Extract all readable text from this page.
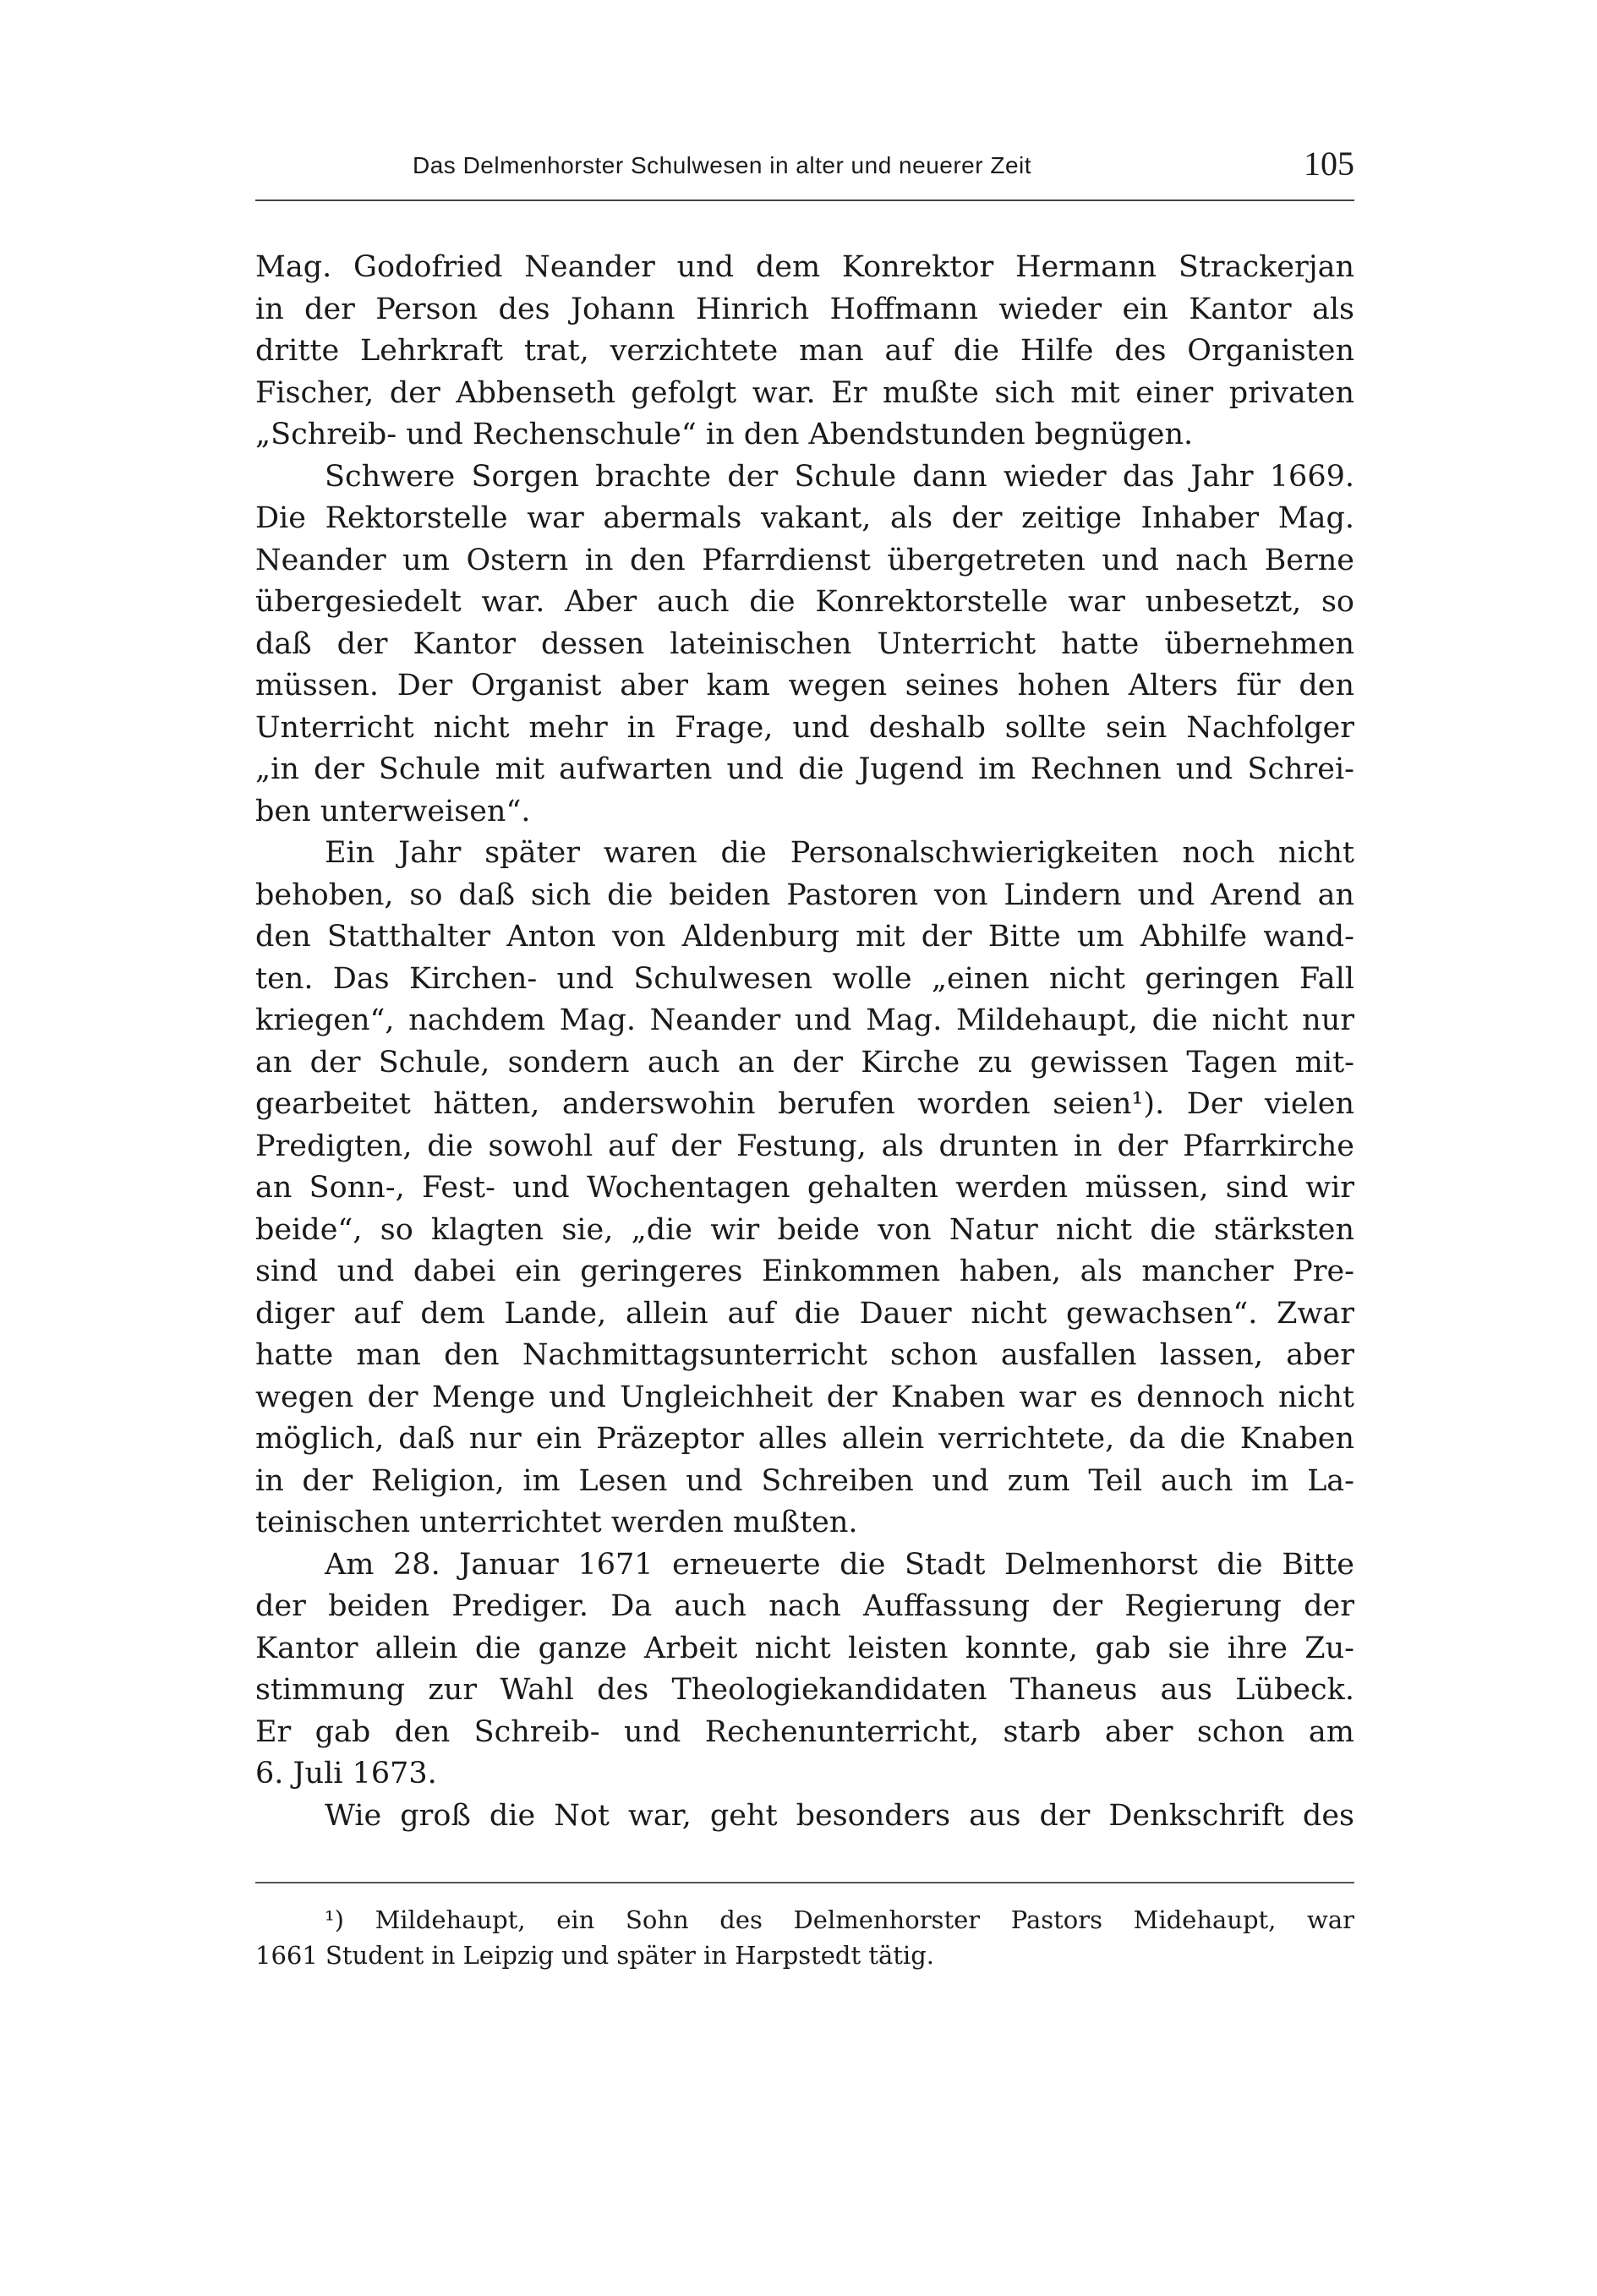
Das Delmenhorster Schulwesen in alter und neuerer Zeit	105
Mag. Godofried Neander und dem Konrektor Hermann Strackerjan
in der Person des Johann Hinrich Hoffmann wieder ein Kantor als
dritte Lehrkraft trat, verzichtete man auf die Hilfe des Organisten
Fischer, der Abbenseth gefolgt war. Er mußte sich mit einer privaten
„Schreib- und Rechenschule“ in den Abendstunden begnügen.
Schwere Sorgen brachte der Schule dann wieder das Jahr 1669.
Die Rektorstelle war abermals vakant, als der zeitige Inhaber Mag.
Neander um Ostern in den Pfarrdienst übergetreten und nach Berne
übergesiedelt war. Aber auch die Konrektorstelle war unbesetzt, so
daß der Kantor dessen lateinischen Unterricht hatte übernehmen
müssen. Der Organist aber kam wegen seines hohen Alters für den
Unterricht nicht mehr in Frage, und deshalb sollte sein Nachfolger
„in der Schule mit aufwarten und die Jugend im Rechnen und Schrei-
ben unterweisen“.
Ein Jahr später waren die Personalschwierigkeiten noch nicht
behoben, so daß sich die beiden Pastoren von Lindern und Arend an
den Statthalter Anton von Aldenburg mit der Bitte um Abhilfe wand-
ten. Das Kirchen- und Schulwesen wolle „einen nicht geringen Fall
kriegen“, nachdem Mag. Neander und Mag. Mildehaupt, die nicht nur
an der Schule, sondern auch an der Kirche zu gewissen Tagen mit-
gearbeitet hätten, anderswohin berufen worden seien¹). Der vielen
Predigten, die sowohl auf der Festung, als drunten in der Pfarrkirche
an Sonn-, Fest- und Wochentagen gehalten werden müssen, sind wir
beide“, so klagten sie, „die wir beide von Natur nicht die stärksten
sind und dabei ein geringeres Einkommen haben, als mancher Pre-
diger auf dem Lande, allein auf die Dauer nicht gewachsen“. Zwar
hatte man den Nachmittagsunterricht schon ausfallen lassen, aber
wegen der Menge und Ungleichheit der Knaben war es dennoch nicht
möglich, daß nur ein Präzeptor alles allein verrichtete, da die Knaben
in der Religion, im Lesen und Schreiben und zum Teil auch im La-
teinischen unterrichtet werden mußten.
Am 28. Januar 1671 erneuerte die Stadt Delmenhorst die Bitte
der beiden Prediger. Da auch nach Auffassung der Regierung der
Kantor allein die ganze Arbeit nicht leisten konnte, gab sie ihre Zu-
stimmung zur Wahl des Theologiekandidaten Thaneus aus Lübeck.
Er gab den Schreib- und Rechenunterricht, starb aber schon am
6. Juli 1673.
Wie groß die Not war, geht besonders aus der Denkschrift des
¹) Mildehaupt, ein Sohn des Delmenhorster Pastors Midehaupt, war
1661 Student in Leipzig und später in Harpstedt tätig.
